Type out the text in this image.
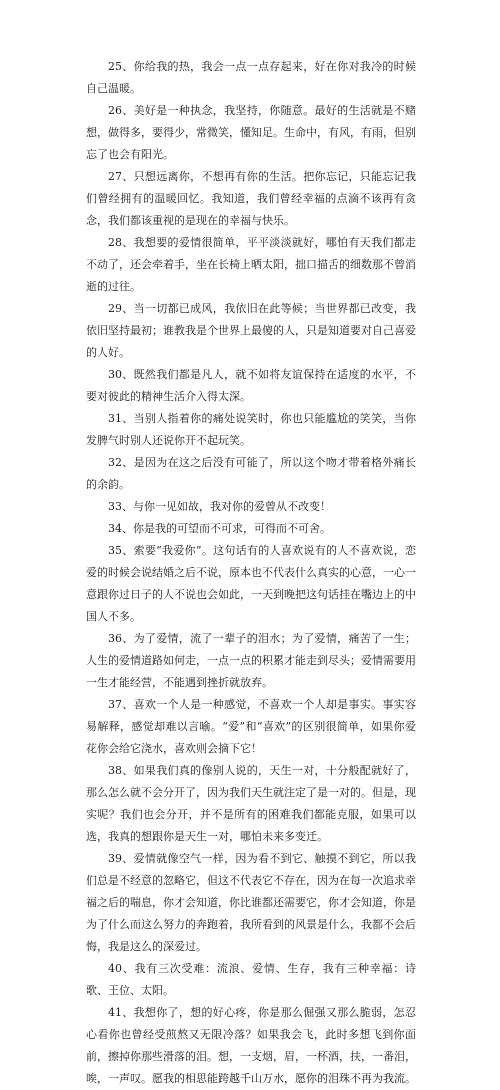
25、你给我的热，我会一点一点存起来，好在你对我冷的时候自己温暖。

26、美好是一种执念，我坚持，你随意。最好的生活就是不赌想，做得多，要得少，常微笑，懂知足。生命中，有风，有雨，但别忘了也会有阳光。

27、只想远离你，不想再有你的生活。把你忘记，只能忘记我们曾经拥有的温暖回忆。我知道，我们曾经幸福的点滴不该再有贪念，我们都该重视的是现在的幸福与快乐。

28、我想要的爱情很简单，平平淡淡就好，哪怕有天我们都走不动了，还会牵着手，坐在长椅上晒太阳，拙口描舌的细数那不曾消逝的过往。

29、当一切都已成风，我依旧在此等候；当世界都已改变，我依旧坚持最初；谁教我是个世界上最傻的人，只是知道要对自己喜爱的人好。

30、既然我们都是凡人，就不如将友谊保持在适度的水平，不要对彼此的精神生活介入得太深。

31、当别人指着你的痛处说笑时，你也只能尴尬的笑笑，当你发脾气时别人还说你开不起玩笑。

32、是因为在这之后没有可能了，所以这个吻才带着格外痛长的余韵。

33、与你一见如故，我对你的爱曾从不改变！

34、你是我的可望而不可求，可得而不可舍。

35、索要“我爱你”。这句话有的人喜欢说有的人不喜欢说，恋爱的时候会说结婚之后不说，原本也不代表什么真实的心意，一心一意跟你过日子的人不说也会如此，一天到晚把这句话挂在嘴边上的中国人不多。

36、为了爱情，流了一辈子的泪水；为了爱情，痛苦了一生；人生的爱情道路如何走，一点一点的积累才能走到尽头；爱情需要用一生才能经营，不能遇到挫折就放弃。

37、喜欢一个人是一种感觉，不喜欢一个人却是事实。事实容易解释，感觉却难以言喻。“爱”和“喜欢”的区别很简单，如果你爱花你会给它浇水，喜欢则会摘下它！

38、如果我们真的像别人说的，天生一对，十分般配就好了，那么怎么就不会分开了，因为我们天生就注定了是一对的。但是，现实呢？我们也会分开，并不是所有的困难我们都能克服，如果可以选，我真的想跟你是天生一对，哪怕未来多变迁。

39、爱情就像空气一样，因为看不到它、触摸不到它，所以我们总是不经意的忽略它，但这不代表它不存在，因为在每一次追求幸福之后的喘息，你才会知道，你比谁都还需要它，你才会知道，你是为了什么而这么努力的奔跑着，我所看到的风景是什么，我都不会后悔，我是这么的深爱过。

40、我有三次受难：流浪、爱情、生存，我有三种幸福：诗歌、王位、太阳。

41、我想你了，想的好心疼，你是那么倔强又那么脆弱，怎忍心看你也曾经受煎熬又无限冷落？如果我会飞，此时多想飞到你面前，擦掉你那些滑落的泪。想，一支烟，眉，一杯酒，扶，一番泪，唉，一声叹。愿我的相思能跨越千山万水，愿你的泪珠不再为我流。
